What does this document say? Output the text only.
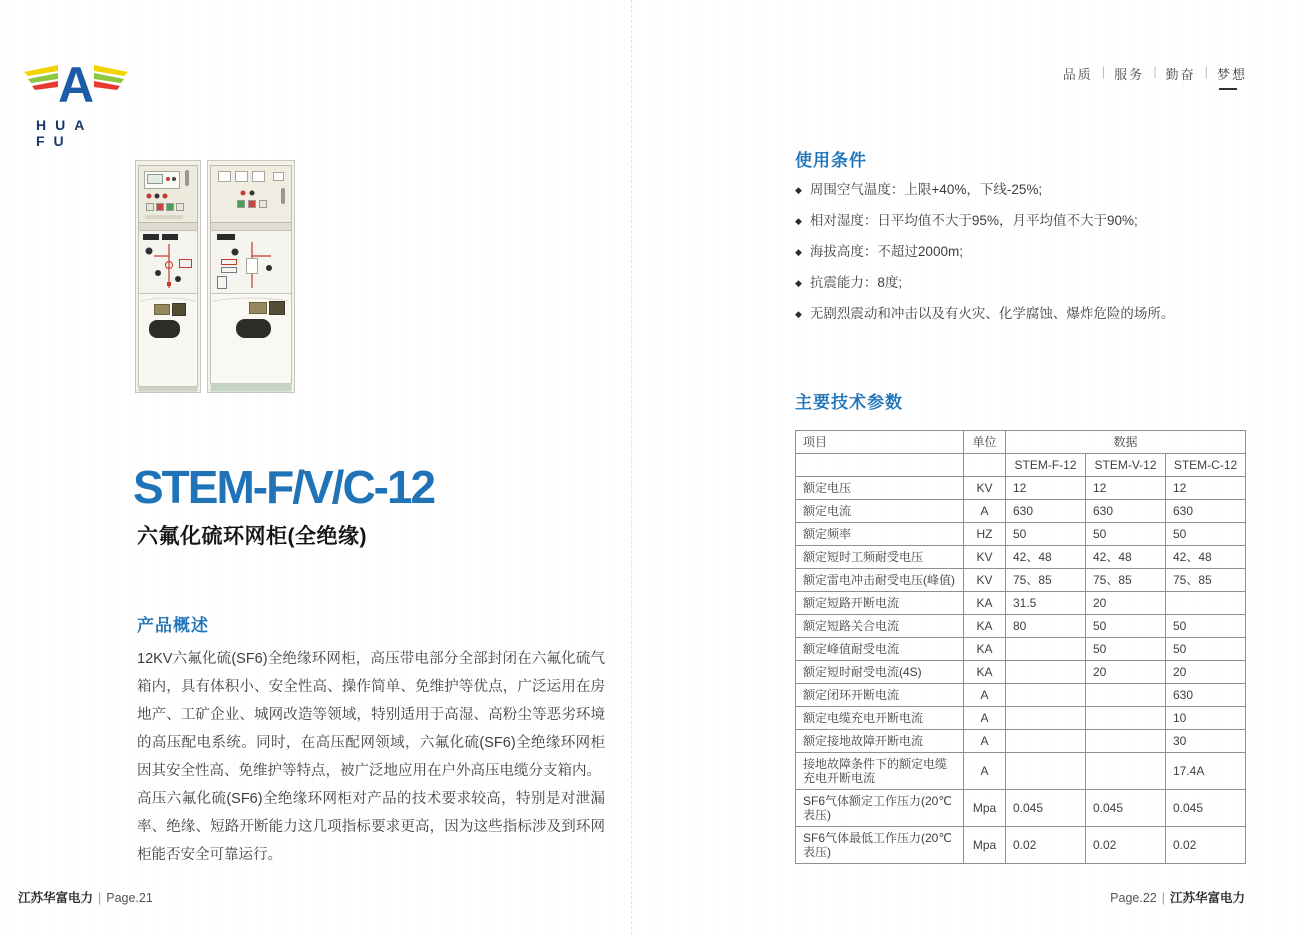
A
HUA FU
STEM-F/V/C-12
六氟化硫环网柜(全绝缘)
产品概述

12KV六氟化硫(SF6)全绝缘环网柜，高压带电部分全部封闭在六氟化硫气箱内，具有体积小、安全性高、操作简单、免维护等优点，广泛运用在房地产、工矿企业、城网改造等领域，特别适用于高湿、高粉尘等恶劣环境的高压配电系统。同时，在高压配网领域，六氟化硫(SF6)全绝缘环网柜因其安全性高、免维护等特点，被广泛地应用在户外高压电缆分支箱内。

高压六氟化硫(SF6)全绝缘环网柜对产品的技术要求较高，特别是对泄漏率、绝缘、短路开断能力这几项指标要求更高，因为这些指标涉及到环网柜能否安全可靠运行。

江苏华富电力 | Page.21
品质 | 服务 | 勤奋 | 梦想
使用条件
◆ 周围空气温度：上限+40%，下线-25%;
◆ 相对湿度：日平均值不大于95%，月平均值不大于90%;
◆ 海拔高度：不超过2000m;
◆ 抗震能力：8度;
◆ 无剧烈震动和冲击以及有火灾、化学腐蚀、爆炸危险的场所。
主要技术参数
项目	单位	数据		
		STEM-F-12	STEM-V-12	STEM-C-12
额定电压	KV	12	12	12
额定电流	A	630	630	630
额定频率	HZ	50	50	50
额定短时工频耐受电压	KV	42、48	42、48	42、48
额定雷电冲击耐受电压(峰值)	KV	75、85	75、85	75、85
额定短路开断电流	KA	31.5	20	
额定短路关合电流	KA	80	50	50
额定峰值耐受电流	KA		50	50
额定短时耐受电流(4S)	KA		20	20
额定闭环开断电流	A			630
额定电缆充电开断电流	A			10
额定接地故障开断电流	A			30
接地故障条件下的额定电缆充电开断电流	A			17.4A
SF6气体额定工作压力(20℃表压)	Mpa	0.045	0.045	0.045
SF6气体最低工作压力(20℃表压)	Mpa	0.02	0.02	0.02
Page.22 | 江苏华富电力
